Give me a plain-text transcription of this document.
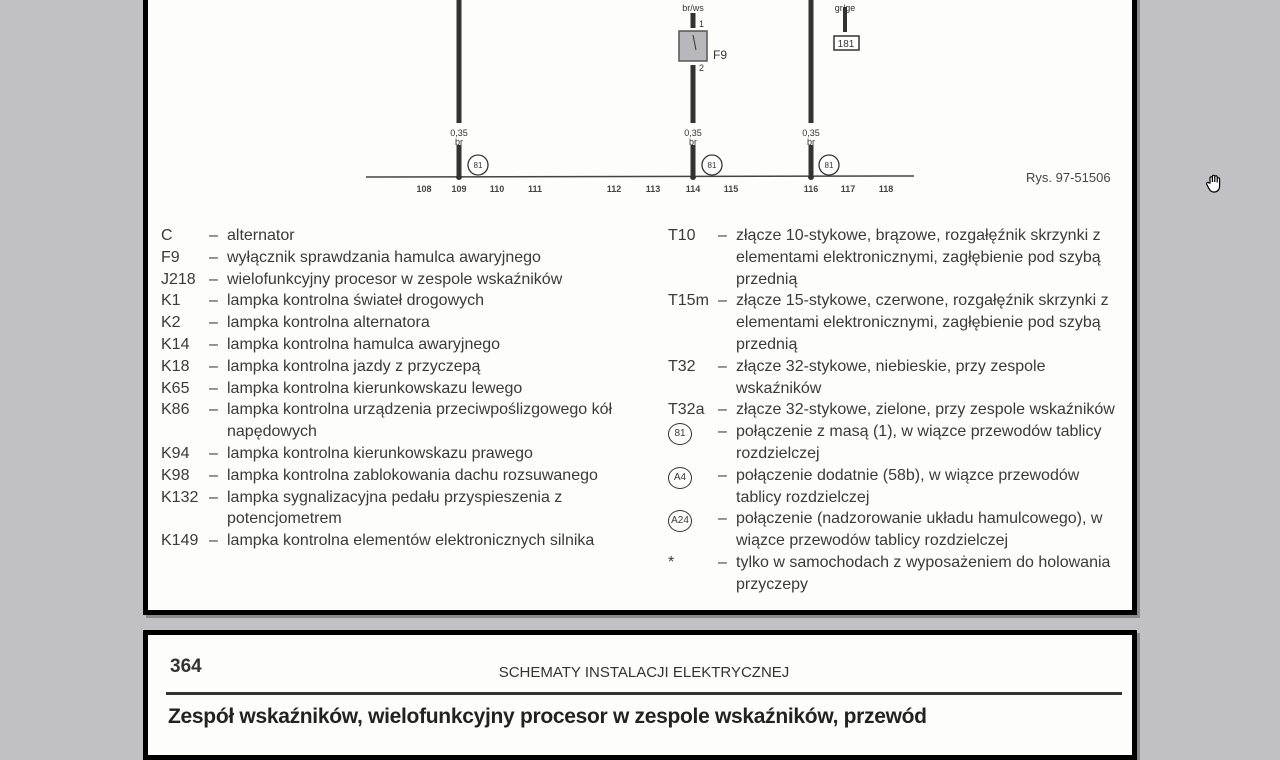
br/ws	gr/ge
1
2
F9
181
0,35
br
0,35
br
0,35
br
81	81	81
108 109	110	111	112	113	114	115	116 117	118
Rys. 97-51506
C	– alternator
F9	– wyłącznik sprawdzania hamulca awaryjnego
J218 – wielofunkcyjny procesor w zespole wskaźników
K1	– lampka kontrolna świateł drogowych
K2	– lampka kontrolna alternatora
K14	– lampka kontrolna hamulca awaryjnego
K18	– lampka kontrolna jazdy z przyczepą
K65	– lampka kontrolna kierunkowskazu lewego
K86	– lampka kontrolna urządzenia przeciwpoślizgowego kół napędowych
K94	– lampka kontrolna kierunkowskazu prawego
K98	– lampka kontrolna zablokowania dachu rozsuwanego
K132 – lampka sygnalizacyjna pedału przyspieszenia z potencjometrem
K149 – lampka kontrolna elementów elektronicznych silnika
T10	– złącze 10-stykowe, brązowe, rozgałęźnik skrzynki z elementami elektronicznymi, zagłębienie pod szybą przednią
T15m – złącze 15-stykowe, czerwone, rozgałęźnik skrzynki z elementami elektronicznymi, zagłębienie pod szybą przednią
T32	– złącze 32-stykowe, niebieskie, przy zespole wskaźników
T32a – złącze 32-stykowe, zielone, przy zespole wskaźników
81	– połączenie z masą (1), w wiązce przewodów tablicy rozdzielczej
A4	– połączenie dodatnie (58b), w wiązce przewodów tablicy rozdzielczej
A24	– połączenie (nadzorowanie układu hamulcowego), w wiązce przewodów tablicy rozdzielczej
*	– tylko w samochodach z wyposażeniem do holowania przyczepy
364	SCHEMATY INSTALACJI ELEKTRYCZNEJ
Zespół wskaźników, wielofunkcyjny procesor w zespole wskaźników, przewód
